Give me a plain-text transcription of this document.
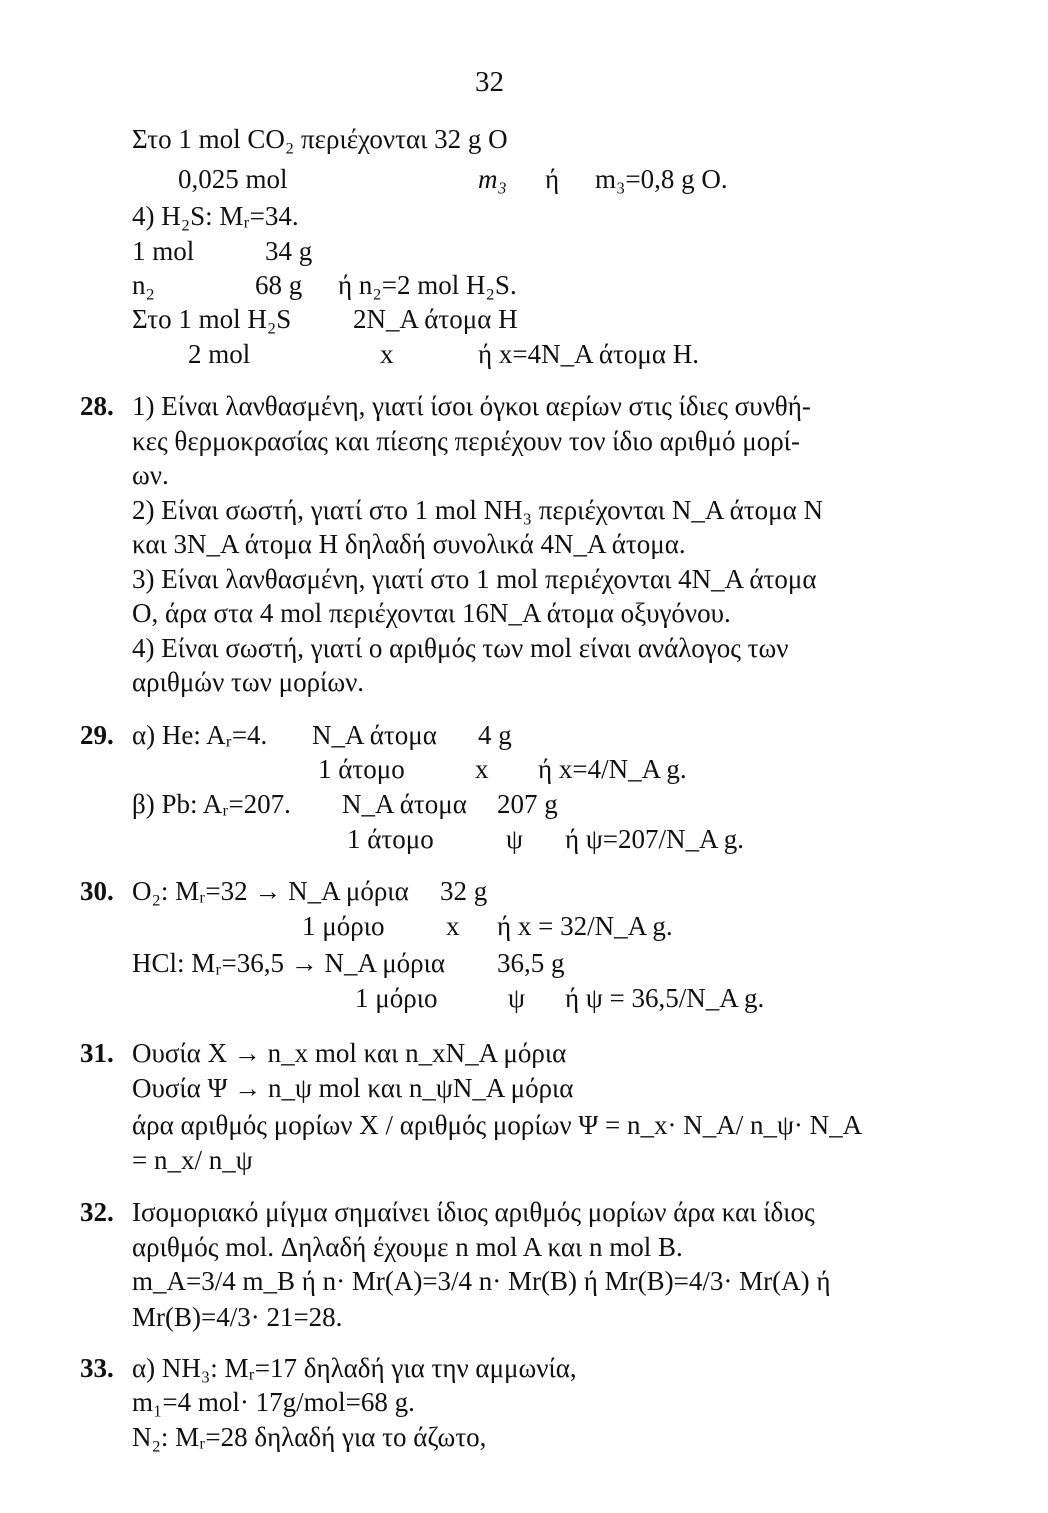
32
Στο 1 mol CO₂ περιέχονται 32 g O
0,025 mol	m₃ ή m₃=0,8 g O.
4) H₂S: Mᵣ=34.
1 mol	34 g
n₂	68 g ή n₂=2 mol H₂S.
Στο 1 mol H₂S 2N_A άτομα H
2 mol	x	ή x=4N_A άτομα H.
28. 1) Είναι λανθασμένη, γιατί ίσοι όγκοι αερίων στις ίδιες συνθή-
κες θερμοκρασίας και πίεσης περιέχουν τον ίδιο αριθμό μορί-
ων.
2) Είναι σωστή, γιατί στο 1 mol NH₃ περιέχονται N_A άτομα N
και 3N_A άτομα H δηλαδή συνολικά 4N_A άτομα.
3) Είναι λανθασμένη, γιατί στο 1 mol περιέχονται 4N_A άτομα
O, άρα στα 4 mol περιέχονται 16N_A άτομα οξυγόνου.
4) Είναι σωστή, γιατί ο αριθμός των mol είναι ανάλογος των
αριθμών των μορίων.
29. α) He: Aᵣ=4. N_A άτομα 4 g
1 άτομο	x ή x=4/N_A g.
β) Pb: Aᵣ=207. N_A άτομα 207 g
1 άτομο	ψ ή ψ=207/N_A g.
30. O₂: Mᵣ=32 → N_A μόρια 32 g
1 μόριο x ή x = 32/N_A g.
HCl: Mᵣ=36,5 → N_A μόρια 36,5 g
1 μόριο	ψ ή ψ = 36,5/N_A g.
31. Ουσία X → n_x mol και n_xN_A μόρια
Ουσία Ψ → n_ψ mol και n_ψN_A μόρια
άρα αριθμός μορίων X / αριθμός μορίων Ψ = n_x· N_A/ n_ψ· N_A
= n_x/ n_ψ
32. Ισομοριακό μίγμα σημαίνει ίδιος αριθμός μορίων άρα και ίδιος
αριθμός mol. Δηλαδή έχουμε n mol A και n mol B.
m_A=3/4 m_B ή n· Mr(A)=3/4 n· Mr(B) ή Mr(B)=4/3· Mr(A) ή
Mr(B)=4/3· 21=28.
33. α) NH₃: Mᵣ=17 δηλαδή για την αμμωνία,
m₁=4 mol· 17g/mol=68 g.
N₂: Mᵣ=28 δηλαδή για το άζωτο,
